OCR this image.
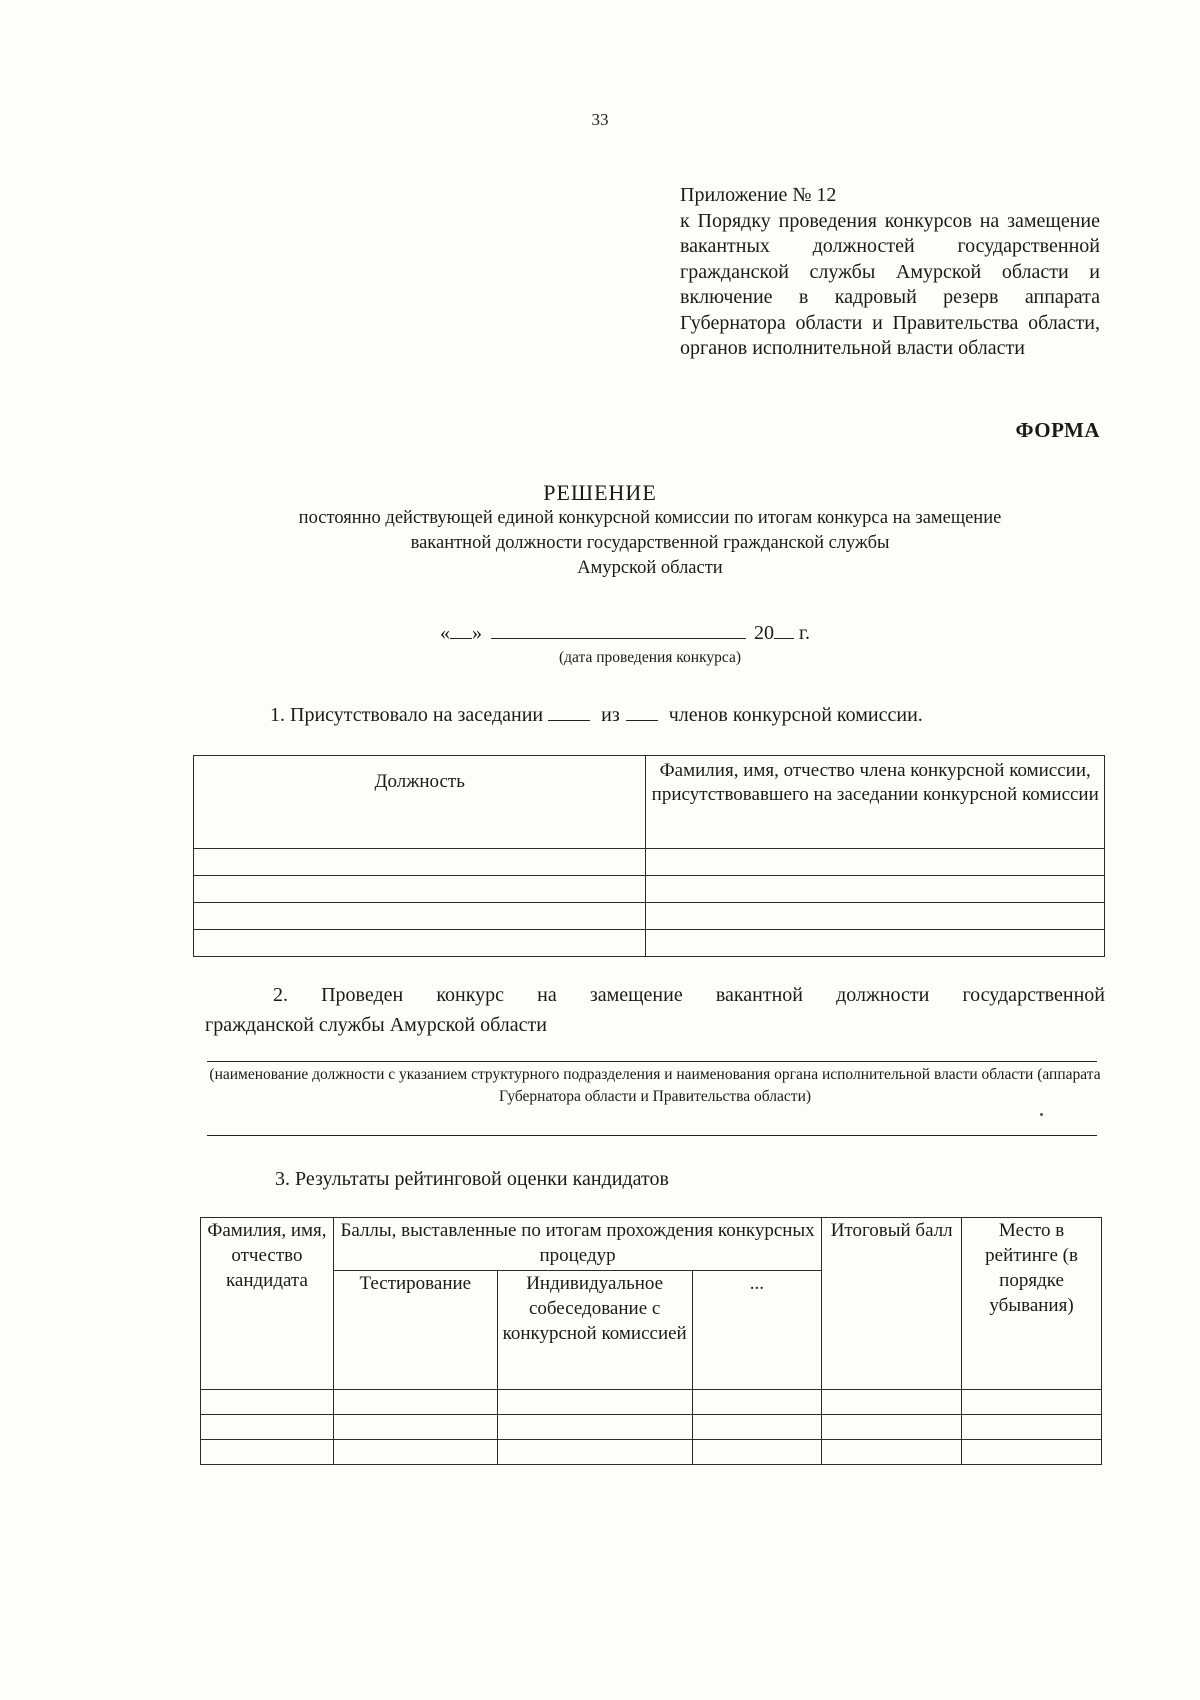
33
Приложение № 12
к Порядку проведения конкурсов на замещение вакантных должностей государственной гражданской службы Амурской области и включение в кадровый резерв аппарата Губернатора области и Правительства области, органов исполнительной власти области
ФОРМА
РЕШЕНИЕ
постоянно действующей единой конкурсной комиссии по итогам конкурса на замещение
вакантной должности государственной гражданской службы
Амурской области
« »	20 г.
(дата проведения конкурса)
1. Присутствовало на заседании	из членов конкурсной комиссии.
Должность	Фамилия, имя, отчество члена конкурсной комиссии, присутствовавшего на заседании конкурсной комиссии

2. Проведен конкурс на замещение вакантной должности государственной
гражданской службы Амурской области
(наименование должности с указанием структурного подразделения и наименования органа исполнительной власти области (аппарата Губернатора области и Правительства области)
3. Результаты рейтинговой оценки кандидатов
Фамилия, имя, отчество кандидата	Баллы, выставленные по итогам прохождения конкурсных процедур			Итоговый балл	Место в рейтинге (в порядке убывания)
	Тестирование	Индивидуальное собеседование с конкурсной комиссией	...		
